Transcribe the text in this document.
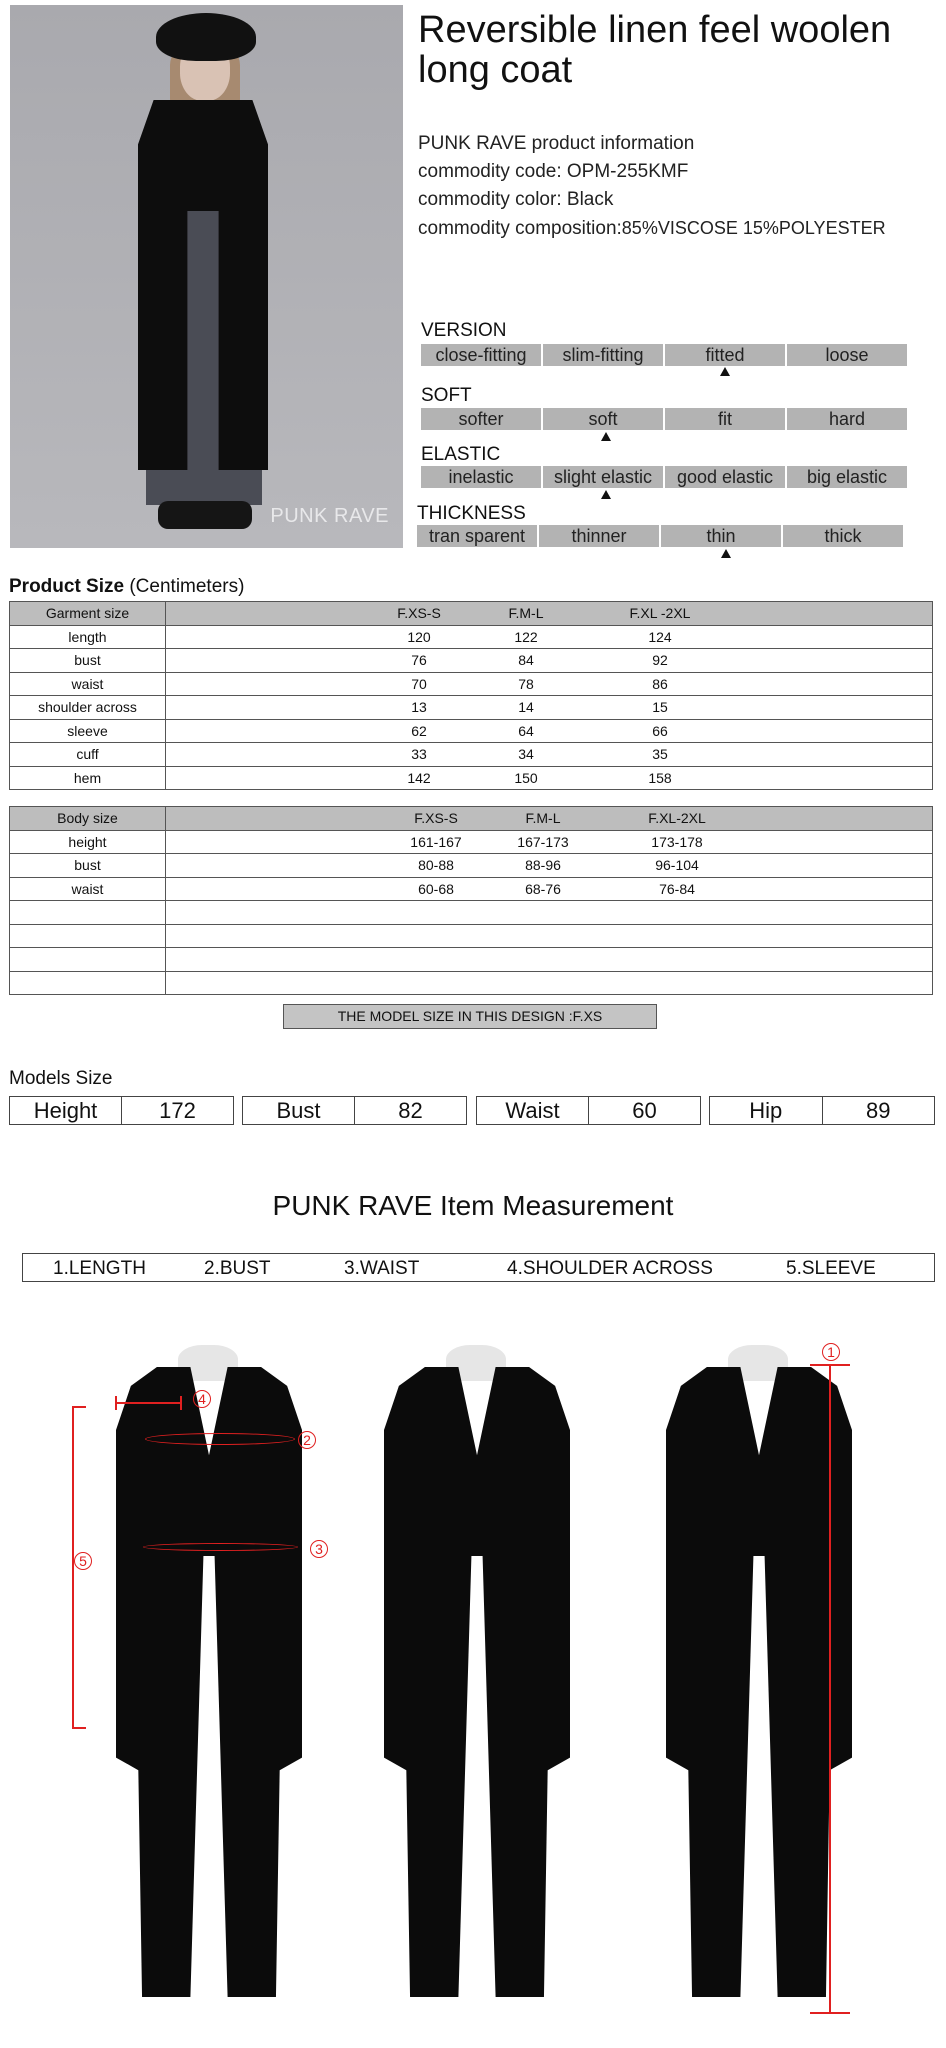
PUNK RAVE
Reversible linen feel woolen long coat
PUNK RAVE product information
commodity code: OPM-255KMF
commodity color: Black
commodity composition:85%VISCOSE 15%POLYESTER
VERSION
close-fitting	slim-fitting	fitted	loose
SOFT
softer	soft	fit	hard
ELASTIC
inelastic	slight elastic	good elastic	big elastic
THICKNESS
tran sparent	thinner	thin	thick
Product Size (Centimeters)
Garment size	F.XS-S F.M-L F.XL -2XL

length	120 122 124

bust	76 84 92

waist	70 78 86

shoulder across	13 14 15

sleeve	62 64 66

cuff	33 34 35

hem	142 150 158
Body size	F.XS-S F.M-L F.XL-2XL

height	161-167 167-173 173-178

bust	80-88 88-96 96-104

waist	60-68 68-76 76-84

THE MODEL SIZE IN THIS DESIGN :F.XS
Models Size
Height	172	Bust	82	Waist	60	Hip	89
PUNK RAVE Item Measurement
1.LENGTH	2.BUST	3.WAIST	4.SHOULDER ACROSS	5.SLEEVE
5
4
2
3
1
